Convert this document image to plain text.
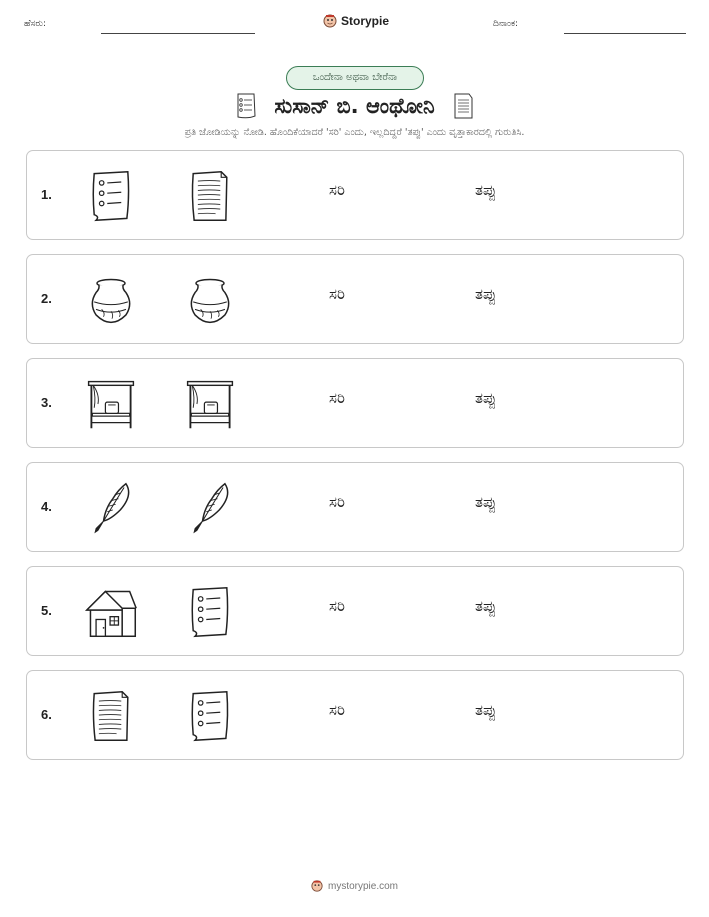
ಹೆಸರು:	Storypie	ದಿನಾಂಕ:
ಒಂದೇನಾ ಅಥವಾ ಬೇರೆನಾ
ಸುಸಾನ್ ಬಿ. ಆಂಥೋನಿ
ಪ್ರತಿ ಜೋಡಿಯನ್ನು ನೋಡಿ. ಹೊಂದಿಕೆಯಾದರೆ 'ಸರಿ' ಎಂದು, ಇಲ್ಲದಿದ್ದರೆ 'ತಪ್ಪು' ಎಂದು ವೃತ್ತಾಕಾರದಲ್ಲಿ ಗುರುತಿಸಿ.
1.	ಸರಿ	ತಪ್ಪು
2.	ಸರಿ	ತಪ್ಪು
3.	ಸರಿ	ತಪ್ಪು
4.	ಸರಿ	ತಪ್ಪು
5.	ಸರಿ	ತಪ್ಪು
6.	ಸರಿ	ತಪ್ಪು
mystorypie.com
